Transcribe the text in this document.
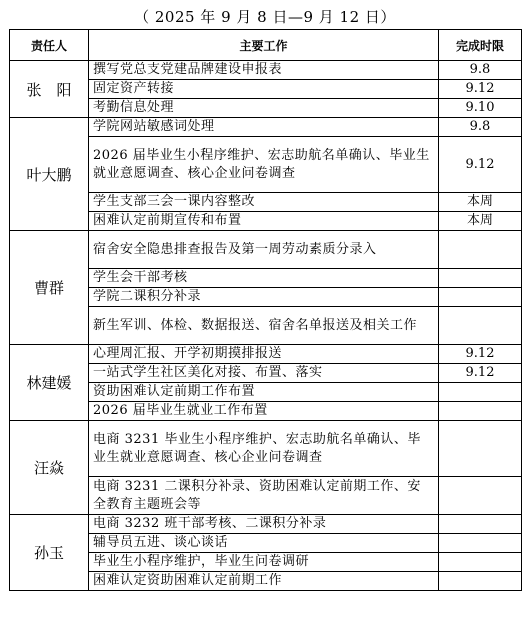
（ 2025 年 9 月 8 日—9 月 12 日）
责任人	主要工作	完成时限
张　阳	撰写党总支党建品牌建设申报表	9.8
	固定资产转接	9.12
	考勤信息处理	9.10
叶大鹏	学院网站敏感词处理	9.8
	2026 届毕业生小程序维护、宏志助航名单确认、毕业生就业意愿调查、核心企业问卷调查	9.12
	学生支部三会一课内容整改	本周
	困难认定前期宣传和布置	本周
曹群	宿舍安全隐患排查报告及第一周劳动素质分录入	
	学生会干部考核	
	学院二课积分补录	
	新生军训、体检、数据报送、宿舍名单报送及相关工作	
林建媛	心理周汇报、开学初期摸排报送	9.12
	一站式学生社区美化对接、布置、落实	9.12
	资助困难认定前期工作布置	
	2026 届毕业生就业工作布置	
汪焱	电商 3231 毕业生小程序维护、宏志助航名单确认、毕业生就业意愿调查、核心企业问卷调查	
	电商 3231 二课积分补录、资助困难认定前期工作、安全教育主题班会等	
孙玉	电商 3232 班干部考核、二课积分补录	
	辅导员五进、谈心谈话	
	毕业生小程序维护，毕业生问卷调研	
	困难认定资助困难认定前期工作	
